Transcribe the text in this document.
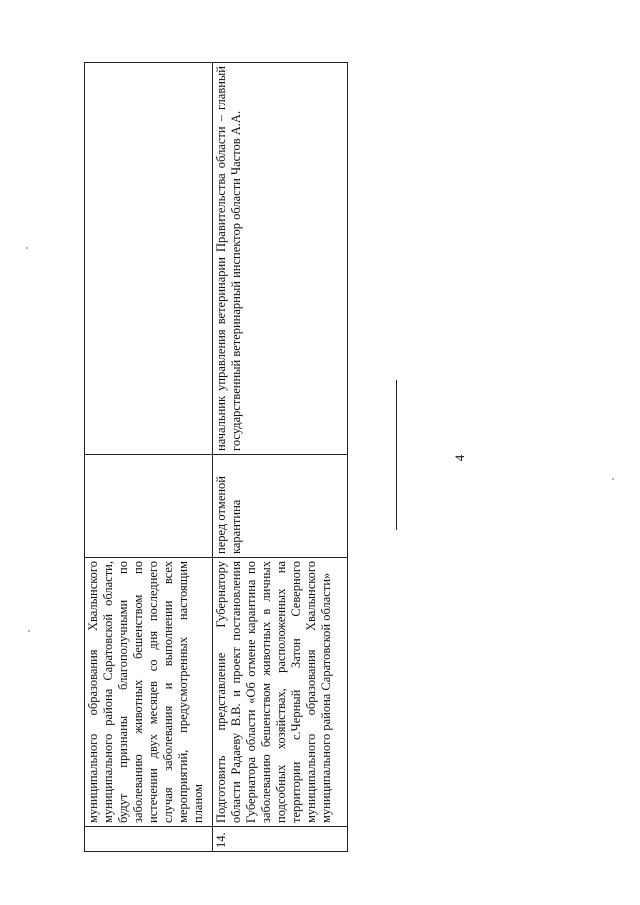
4
	муниципального образования Хвалынского муниципального района Саратовской области, будут признаны благополучными по заболеванию животных бешенством по истечении двух месяцев со дня последнего случая заболевания и выполнении всех мероприятий, предусмотренных настоящим планом		
14.	Подготовить представление Губернатору области Радаеву В.В. и проект постановления Губернатора области «Об отмене карантина по заболеванию бешенством животных в личных подсобных хозяйствах, расположенных на территории с.Черный Затон Северного муниципального образования Хвалынского муниципального района Саратовской области»	перед отменой карантина	начальник управления ветеринарии Правительства области – главный государственный ветеринарный инспектор области Частов А.А.
